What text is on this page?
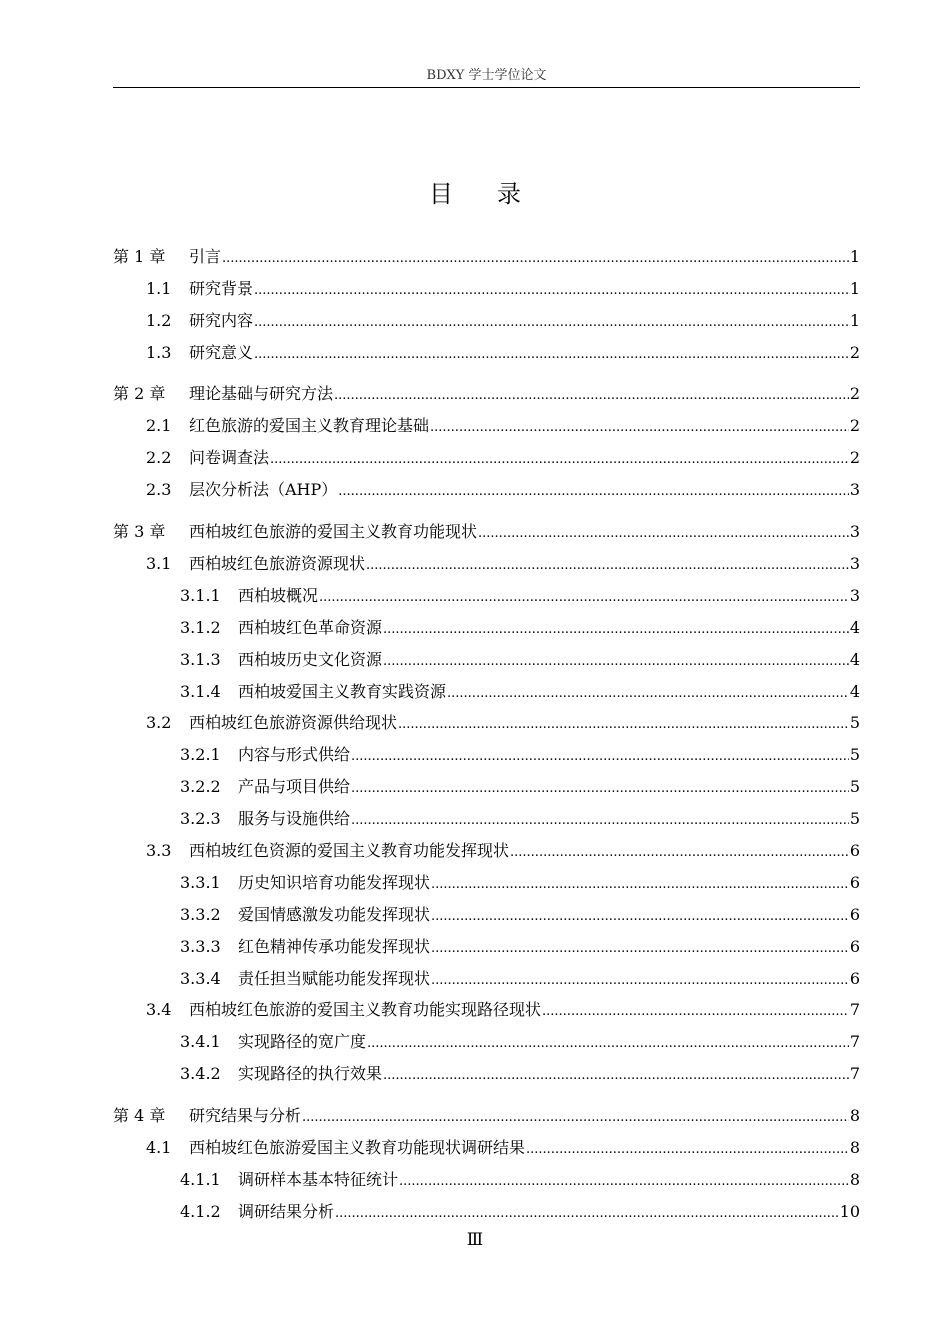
BDXY 学士学位论文
目录
第 1 章	引言 .....	1
1.1	研究背景 .....	1
1.2	研究内容 .....	1
1.3	研究意义 .....	2
第 2 章	理论基础与研究方法 .....	2
2.1	红色旅游的爱国主义教育理论基础 .....	2
2.2	问卷调查法 .....	2
2.3	层次分析法（AHP） .....	3
第 3 章	西柏坡红色旅游的爱国主义教育功能现状 .....	3
3.1	西柏坡红色旅游资源现状 .....	3
3.1.1	西柏坡概况 .....	3
3.1.2	西柏坡红色革命资源 .....	4
3.1.3	西柏坡历史文化资源 .....	4
3.1.4	西柏坡爱国主义教育实践资源 .....	4
3.2	西柏坡红色旅游资源供给现状 .....	5
3.2.1	内容与形式供给 .....	5
3.2.2	产品与项目供给 .....	5
3.2.3	服务与设施供给 .....	5
3.3	西柏坡红色资源的爱国主义教育功能发挥现状 .....	6
3.3.1	历史知识培育功能发挥现状 .....	6
3.3.2	爱国情感激发功能发挥现状 .....	6
3.3.3	红色精神传承功能发挥现状 .....	6
3.3.4	责任担当赋能功能发挥现状 .....	6
3.4	西柏坡红色旅游的爱国主义教育功能实现路径现状 .....	7
3.4.1	实现路径的宽广度 .....	7
3.4.2	实现路径的执行效果 .....	7
第 4 章	研究结果与分析 .....	8
4.1	西柏坡红色旅游爱国主义教育功能现状调研结果 .....	8
4.1.1	调研样本基本特征统计 .....	8
4.1.2	调研结果分析 .....	10
Ⅲ
